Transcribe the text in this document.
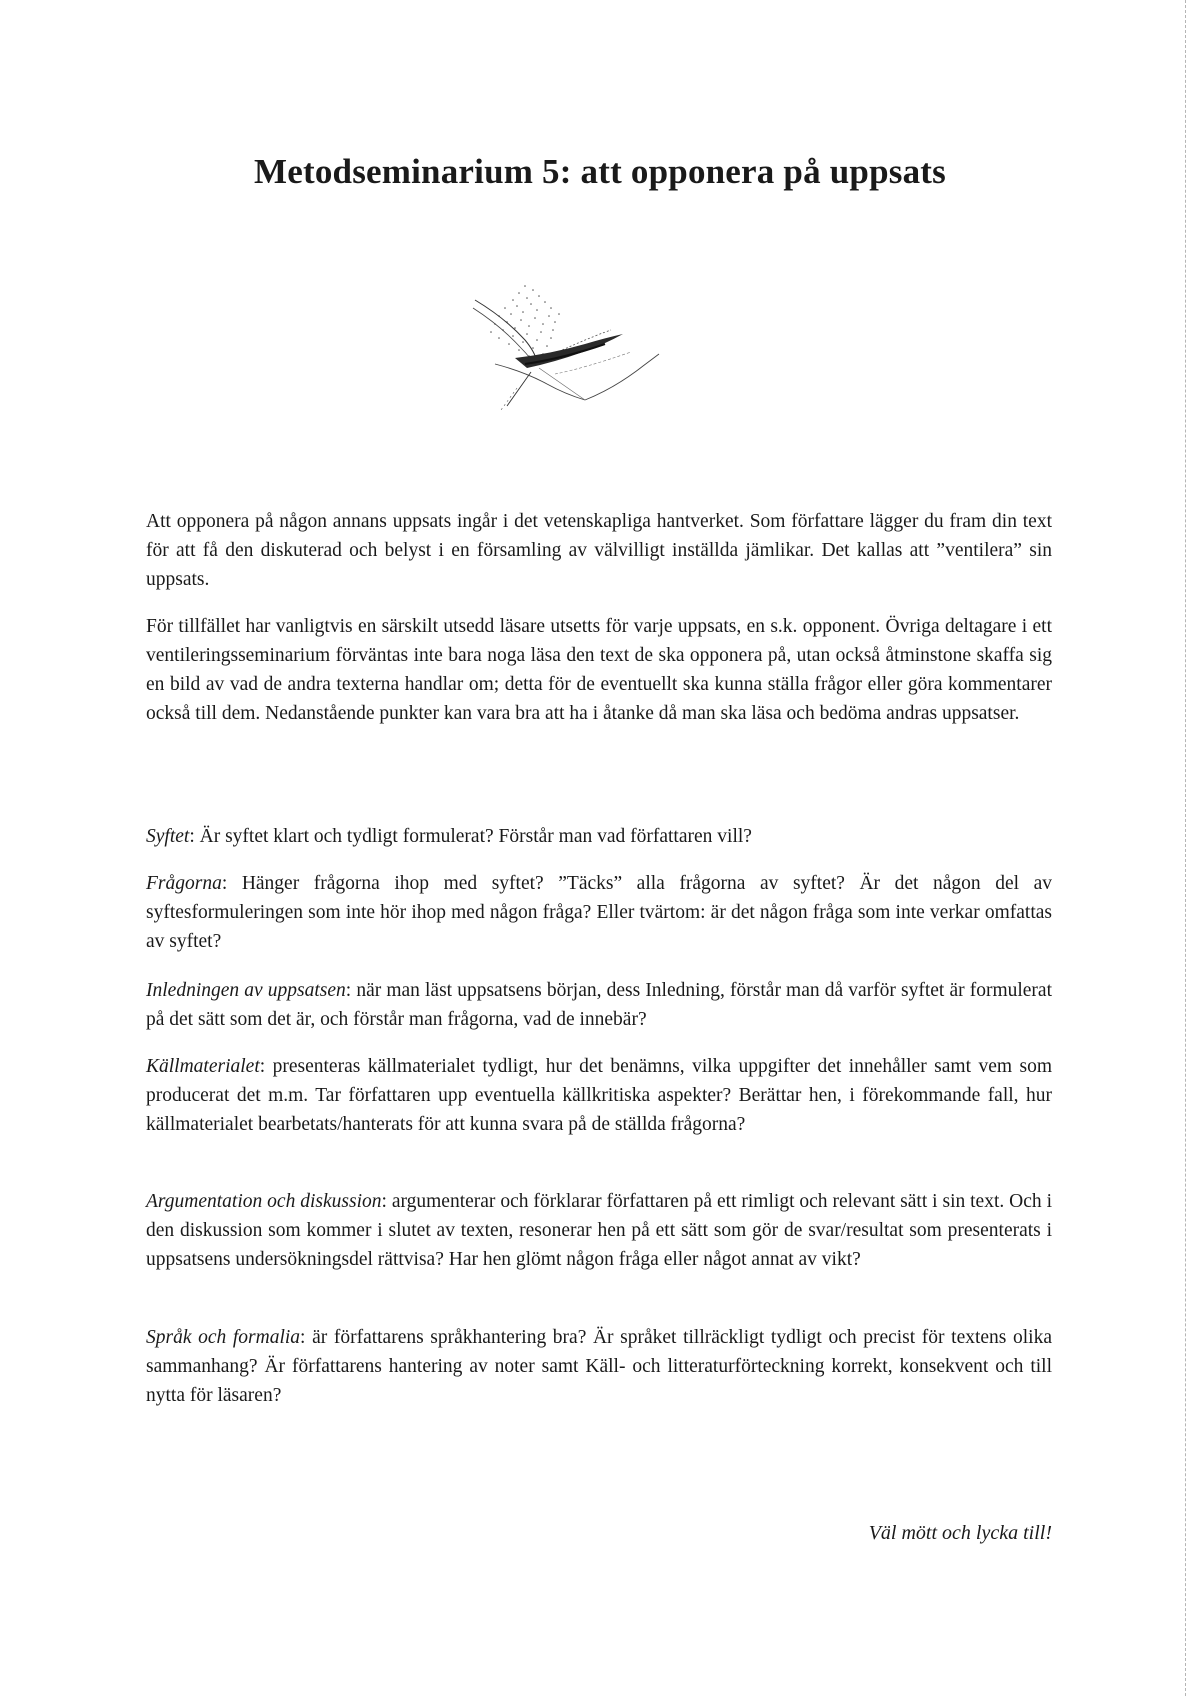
Metodseminarium 5: att opponera på uppsats

Att opponera på någon annans uppsats ingår i det vetenskapliga hantverket. Som författare lägger du fram din text för att få den diskuterad och belyst i en församling av välvilligt inställda jämlikar. Det kallas att ”ventilera” sin uppsats.

För tillfället har vanligtvis en särskilt utsedd läsare utsetts för varje uppsats, en s.k. opponent. Övriga deltagare i ett ventileringsseminarium förväntas inte bara noga läsa den text de ska opponera på, utan också åtminstone skaffa sig en bild av vad de andra texterna handlar om; detta för de eventuellt ska kunna ställa frågor eller göra kommentarer också till dem. Nedanstående punkter kan vara bra att ha i åtanke då man ska läsa och bedöma andras uppsatser.

Syftet: Är syftet klart och tydligt formulerat? Förstår man vad författaren vill?

Frågorna: Hänger frågorna ihop med syftet? ”Täcks” alla frågorna av syftet? Är det någon del av syftesformuleringen som inte hör ihop med någon fråga? Eller tvärtom: är det någon fråga som inte verkar omfattas av syftet?

Inledningen av uppsatsen: när man läst uppsatsens början, dess Inledning, förstår man då varför syftet är formulerat på det sätt som det är, och förstår man frågorna, vad de innebär?

Källmaterialet: presenteras källmaterialet tydligt, hur det benämns, vilka uppgifter det innehåller samt vem som producerat det m.m. Tar författaren upp eventuella källkritiska aspekter? Berättar hen, i förekommande fall, hur källmaterialet bearbetats/hanterats för att kunna svara på de ställda frågorna?

Argumentation och diskussion: argumenterar och förklarar författaren på ett rimligt och relevant sätt i sin text. Och i den diskussion som kommer i slutet av texten, resonerar hen på ett sätt som gör de svar/resultat som presenterats i uppsatsens undersökningsdel rättvisa? Har hen glömt någon fråga eller något annat av vikt?

Språk och formalia: är författarens språkhantering bra? Är språket tillräckligt tydligt och precist för textens olika sammanhang? Är författarens hantering av noter samt Käll- och litteraturförteckning korrekt, konsekvent och till nytta för läsaren?

Väl mött och lycka till!
